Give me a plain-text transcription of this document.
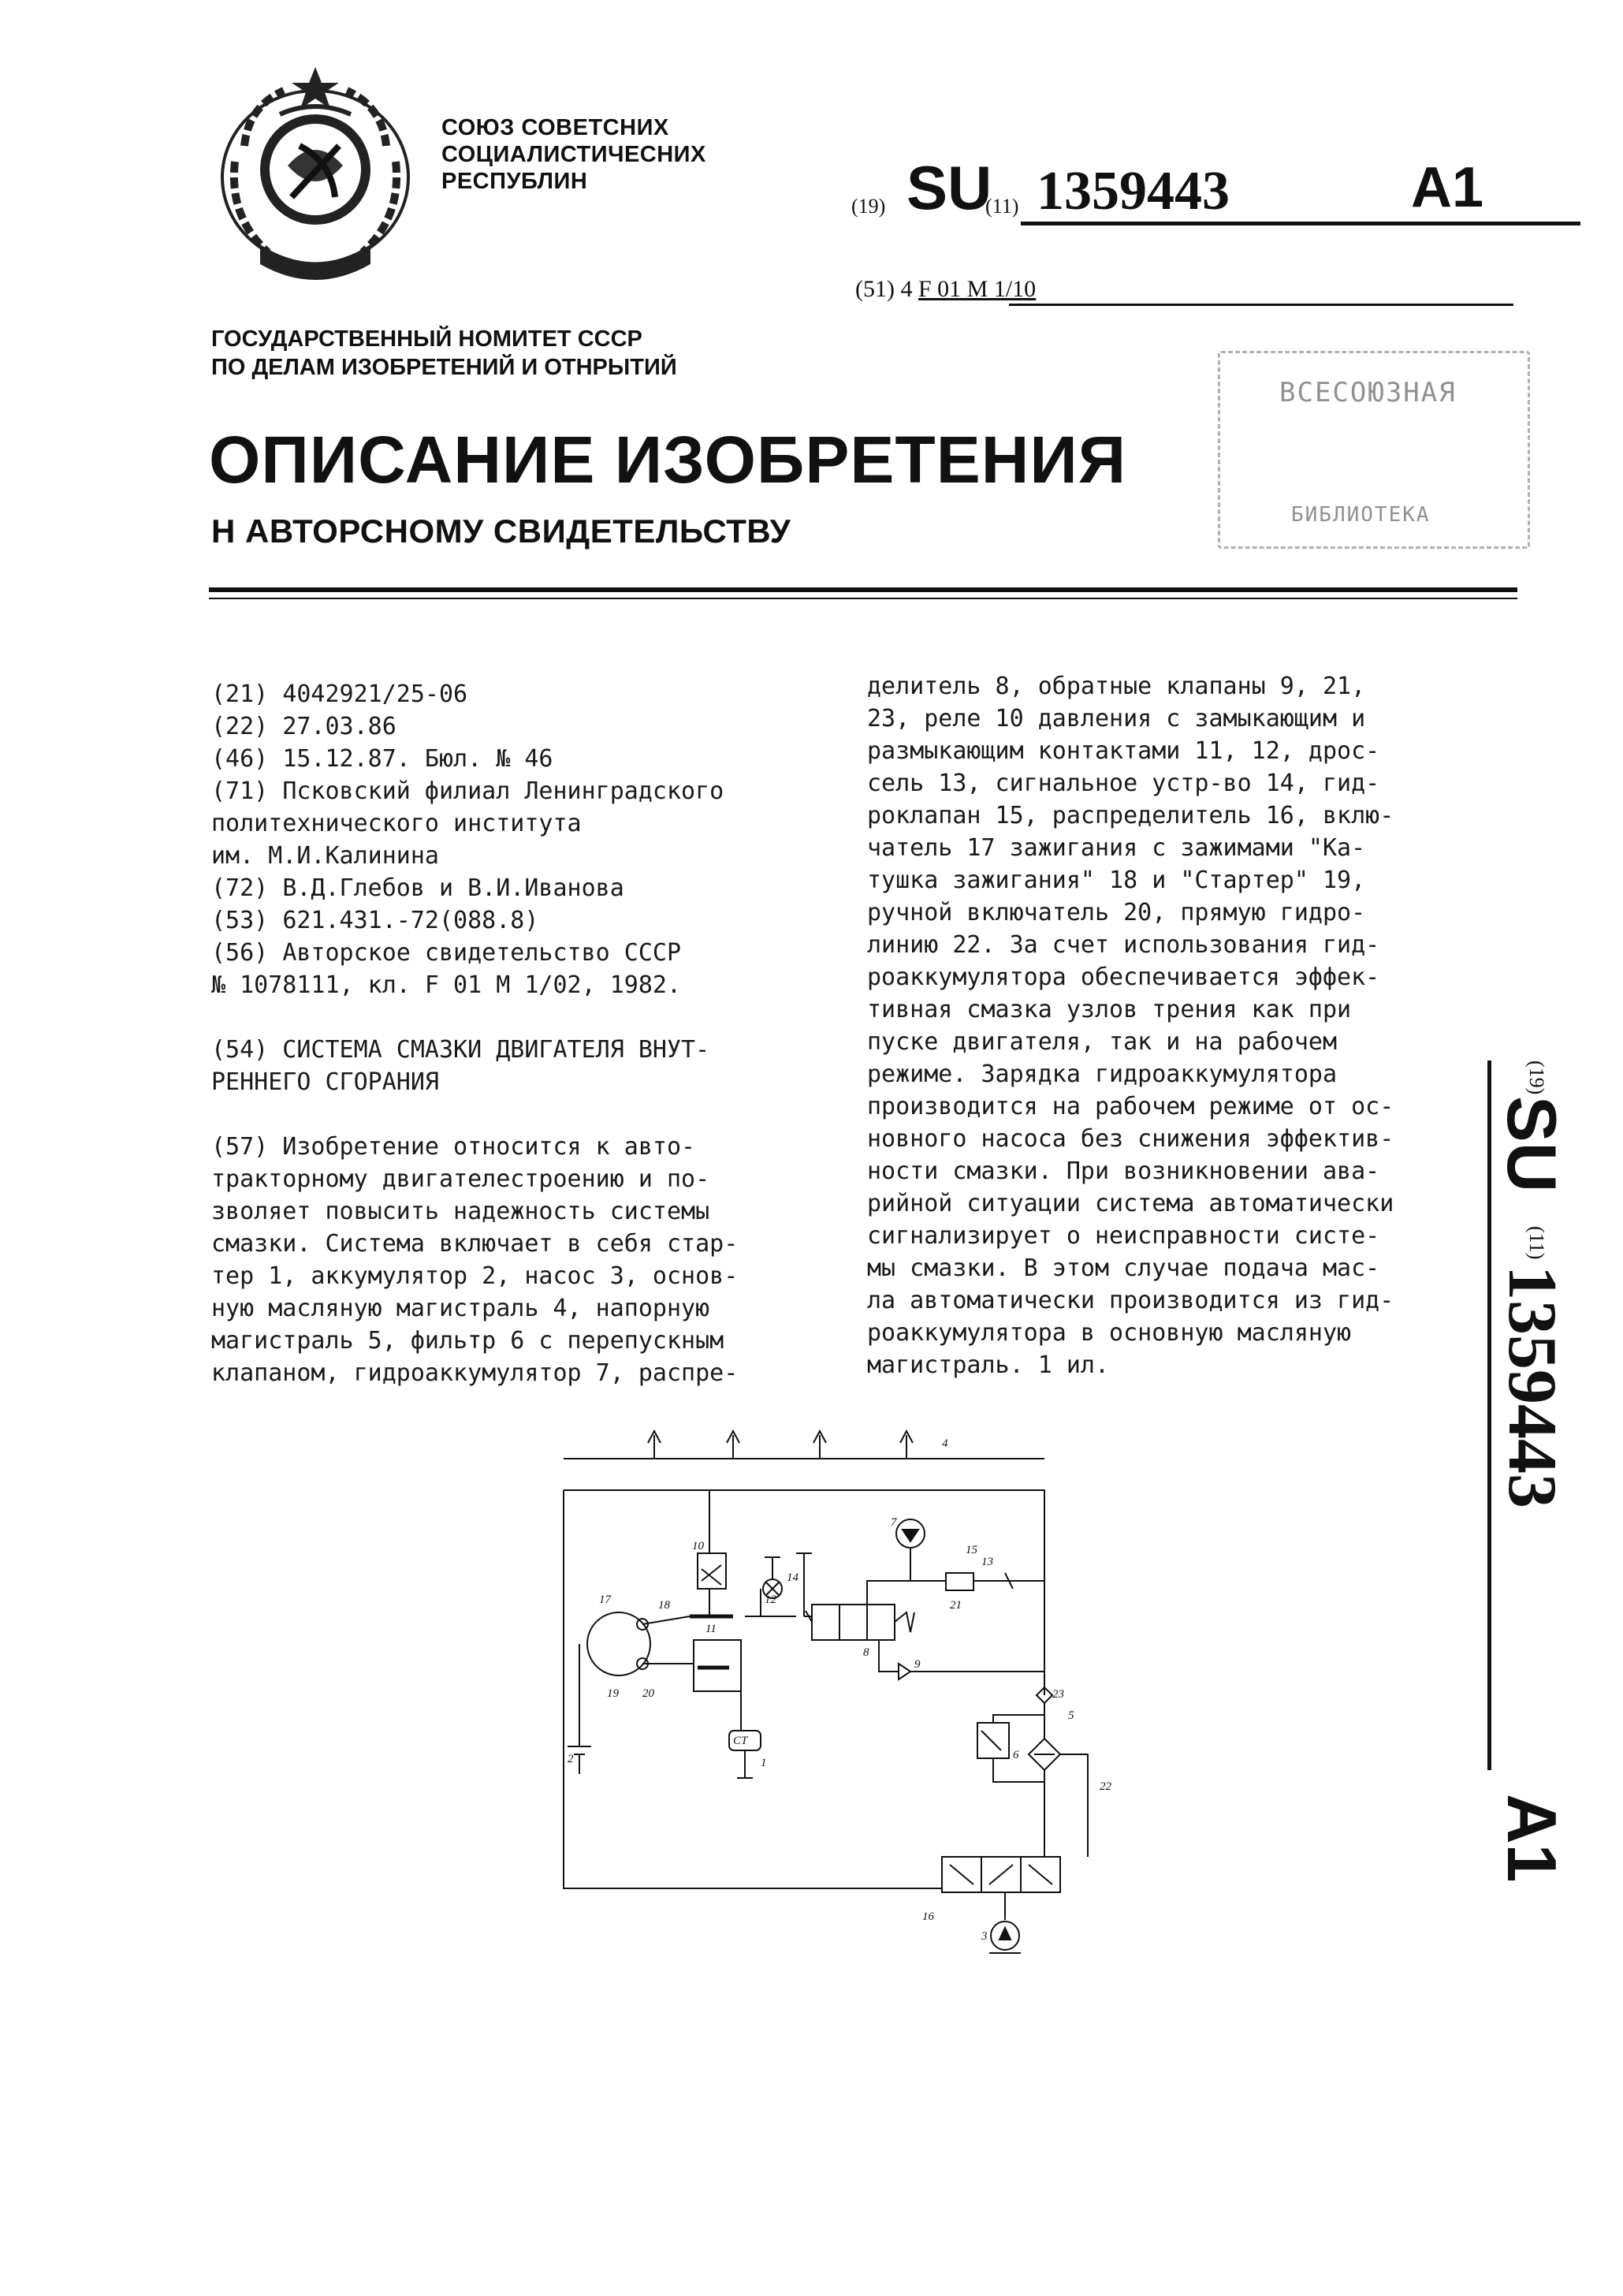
СОЮЗ СОВЕТСНИХ
СОЦИАЛИСТИЧЕСНИХ
РЕСПУБЛИН
(19) SU
(11) 1359443	A1
(51) 4 F 01 M 1/10
ГОСУДАРСТВЕННЫЙ НОМИТЕТ СССР
ПО ДЕЛАМ ИЗОБРЕТЕНИЙ И ОТНРЫТИЙ
ВСЕСОЮЗНАЯ
БИБЛИОТЕКА
ОПИСАНИЕ ИЗОБРЕТЕНИЯ
Н АВТОРСНОМУ СВИДЕТЕЛЬСТВУ
(21) 4042921/25-06
(22) 27.03.86
(46) 15.12.87. Бюл. № 46
(71) Псковский филиал Ленинградского
политехнического института
им. М.И.Калинина
(72) В.Д.Глебов и В.И.Иванова
(53) 621.431.-72(088.8)
(56) Авторское свидетельство СССР
№ 1078111, кл. F 01 M 1/02, 1982.
(54) СИСТЕМА СМАЗКИ ДВИГАТЕЛЯ ВНУТ-
РЕННЕГО СГОРАНИЯ
(57) Изобретение относится к авто-
тракторному двигателестроению и по-
зволяет повысить надежность системы
смазки. Система включает в себя стар-
тер 1, аккумулятор 2, насос 3, основ-
ную масляную магистраль 4, напорную
магистраль 5, фильтр 6 с перепускным
клапаном, гидроаккумулятор 7, распре-
делитель 8, обратные клапаны 9, 21,
23, реле 10 давления с замыкающим и
размыкающим контактами 11, 12, дрос-
сель 13, сигнальное устр-во 14, гид-
роклапан 15, распределитель 16, вклю-
чатель 17 зажигания с зажимами "Ка-
тушка зажигания" 18 и "Стартер" 19,
ручной включатель 20, прямую гидро-
линию 22. За счет использования гид-
роаккумулятора обеспечивается эффек-
тивная смазка узлов трения как при
пуске двигателя, так и на рабочем
режиме. Зарядка гидроаккумулятора
производится на рабочем режиме от ос-
новного насоса без снижения эффектив-
ности смазки. При возникновении ава-
рийной ситуации система автоматически
сигнализирует о неисправности систе-
мы смазки. В этом случае подача мас-
ла автоматически производится из гид-
роаккумулятора в основную масляную
магистраль. 1 ил.
(19)
SU
(11)
1359443
A1
4
10
7
15
13
17	18	12
14
21
11
9
8
23
5
19 20
6
2
СТ
1
22
16
3
